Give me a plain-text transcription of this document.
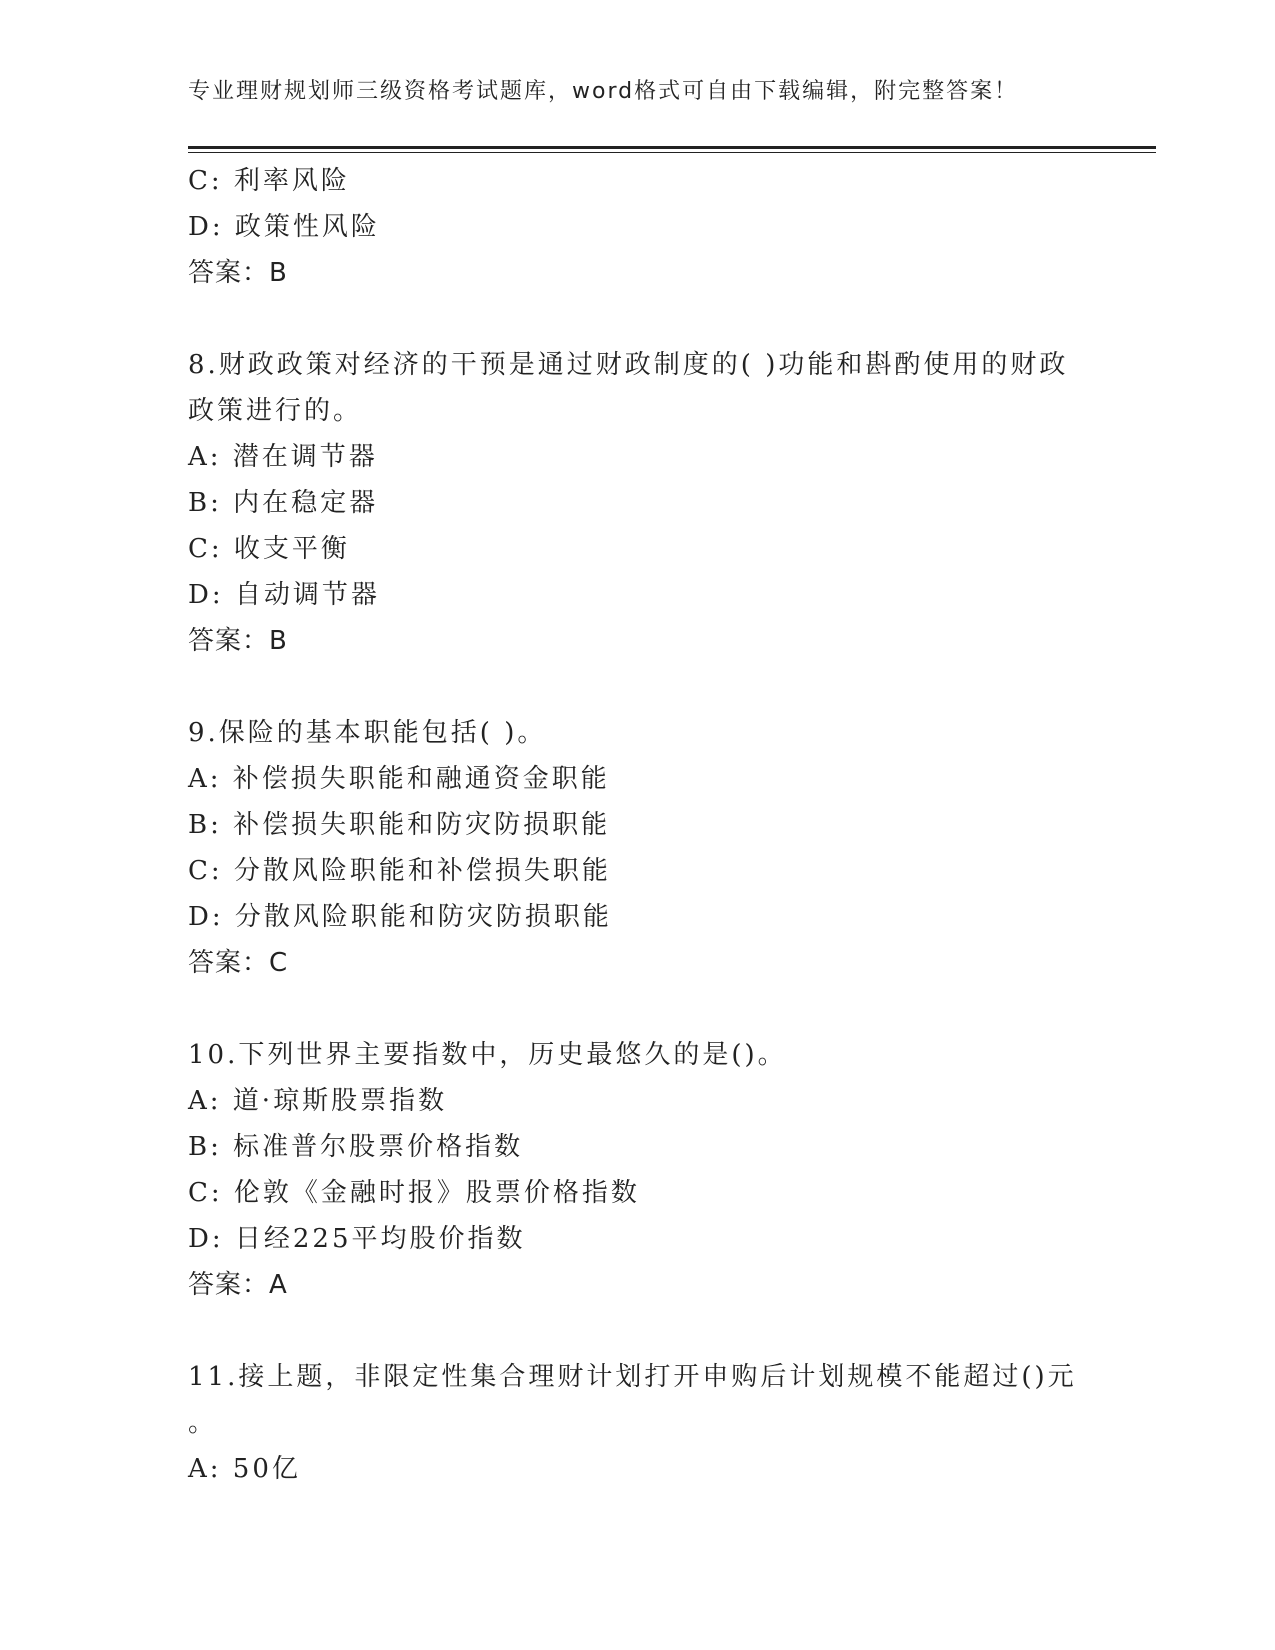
专业理财规划师三级资格考试题库，word格式可自由下载编辑，附完整答案！
C: 利率风险
D: 政策性风险
答案：B
8.财政政策对经济的干预是通过财政制度的( )功能和斟酌使用的财政
政策进行的。
A: 潜在调节器
B: 内在稳定器
C: 收支平衡
D: 自动调节器
答案：B
9.保险的基本职能包括( )。
A: 补偿损失职能和融通资金职能
B: 补偿损失职能和防灾防损职能
C: 分散风险职能和补偿损失职能
D: 分散风险职能和防灾防损职能
答案：C
10.下列世界主要指数中，历史最悠久的是()。
A: 道·琼斯股票指数
B: 标准普尔股票价格指数
C: 伦敦《金融时报》股票价格指数
D: 日经225平均股价指数
答案：A
11.接上题，非限定性集合理财计划打开申购后计划规模不能超过()元
。
A: 50亿
